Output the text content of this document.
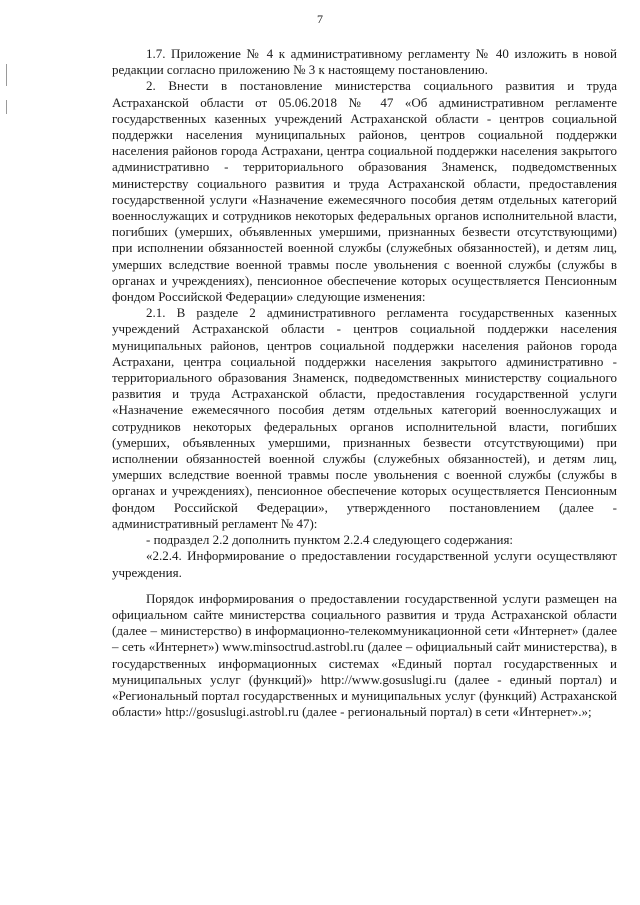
7

1.7. Приложение № 4 к административному регламенту № 40 изложить в новой редакции согласно приложению № 3 к настоящему постановлению.

2. Внести в постановление министерства социального развития и труда Астраханской области от 05.06.2018 № 47 «Об административном регламенте государственных казенных учреждений Астраханской области - центров социальной поддержки населения муниципальных районов, центров социальной поддержки населения районов города Астрахани, центра социальной поддержки населения закрытого административно - территориального образования Знаменск, подведомственных министерству социального развития и труда Астраханской области, предоставления государственной услуги «Назначение ежемесячного пособия детям отдельных категорий военнослужащих и сотрудников некоторых федеральных органов исполнительной власти, погибших (умерших, объявленных умершими, признанных безвести отсутствующими) при исполнении обязанностей военной службы (служебных обязанностей), и детям лиц, умерших вследствие военной травмы после увольнения с военной службы (службы в органах и учреждениях), пенсионное обеспечение которых осуществляется Пенсионным фондом Российской Федерации» следующие изменения:

2.1. В разделе 2 административного регламента государственных казенных учреждений Астраханской области - центров социальной поддержки населения муниципальных районов, центров социальной поддержки населения районов города Астрахани, центра социальной поддержки населения закрытого административно - территориального образования Знаменск, подведомственных министерству социального развития и труда Астраханской области, предоставления государственной услуги «Назначение ежемесячного пособия детям отдельных категорий военнослужащих и сотрудников некоторых федеральных органов исполнительной власти, погибших (умерших, объявленных умершими, признанных безвести отсутствующими) при исполнении обязанностей военной службы (служебных обязанностей), и детям лиц, умерших вследствие военной травмы после увольнения с военной службы (службы в органах и учреждениях), пенсионное обеспечение которых осуществляется Пенсионным фондом Российской Федерации», утвержденного постановлением (далее - административный регламент № 47):

- подраздел 2.2 дополнить пунктом 2.2.4 следующего содержания:

«2.2.4. Информирование о предоставлении государственной услуги осуществляют учреждения.

Порядок информирования о предоставлении государственной услуги размещен на официальном сайте министерства социального развития и труда Астраханской области (далее – министерство) в информационно-телекоммуникационной сети «Интернет» (далее – сеть «Интернет») www.minsoctrud.astrobl.ru (далее – официальный сайт министерства), в государственных информационных системах «Единый портал государственных и муниципальных услуг (функций)» http://www.gosuslugi.ru (далее - единый портал) и «Региональный портал государственных и муниципальных услуг (функций) Астраханской области» http://gosuslugi.astrobl.ru (далее - региональный портал) в сети «Интернет».»;
